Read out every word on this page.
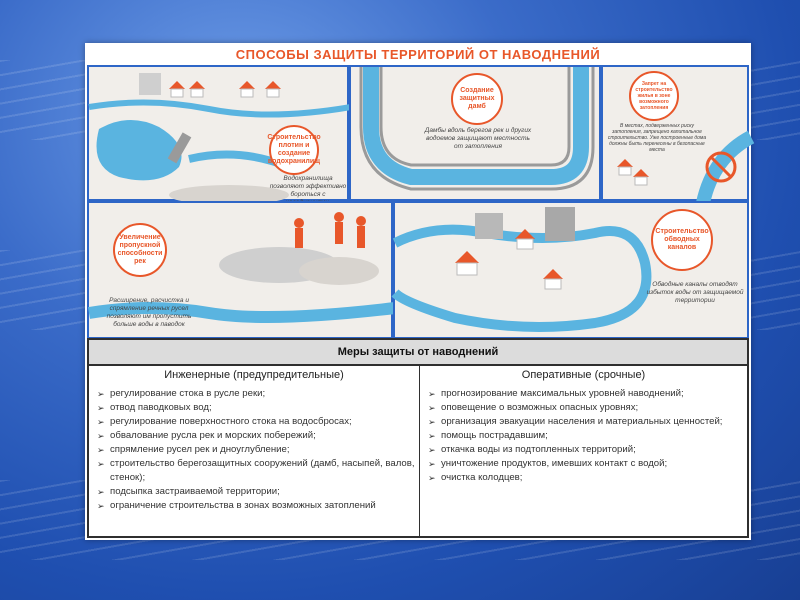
СПОСОБЫ ЗАЩИТЫ ТЕРРИТОРИЙ ОТ НАВОДНЕНИЙ
Строительство плотин и создание водохранилищ
Водохранилища позволяют эффективно бороться с
Создание защитных дамб
Дамбы вдоль берегов рек и других водоемов защищают местность от затопления
Запрет на строительство жилья в зоне возможного затопления
В местах, подверженных риску затопления, запрещено капитальное строительство. Уже построенные дома должны быть перенесены в безопасные места
Увеличение пропускной способности рек
Расширение, расчистка и спрямление речных русел позволяют им пропустить больше воды в паводок
Строительство обводных каналов
Обводные каналы отводят избыток воды от защищаемой территории
Меры защиты от наводнений
Инженерные (предупредительные)
➢ регулирование стока в русле реки;
➢ отвод паводковых вод;
➢ регулирование поверхностного стока на водосбросах;
➢ обвалование русла рек и морских побережий;
➢ спрямление русел рек и дноуглубление;
➢ строительство берегозащитных сооружений (дамб, насыпей, валов, стенок);
➢ подсыпка застраиваемой территории;
➢ ограничение строительства в зонах возможных затоплений
Оперативные (срочные)
➢ прогнозирование максимальных уровней наводнений;
➢ оповещение о возможных опасных уровнях;
➢ организация эвакуации населения и материальных ценностей;
➢ помощь пострадавшим;
➢ откачка воды из подтопленных территорий;
➢ уничтожение продуктов, имевших контакт с водой;
➢ очистка колодцев;
